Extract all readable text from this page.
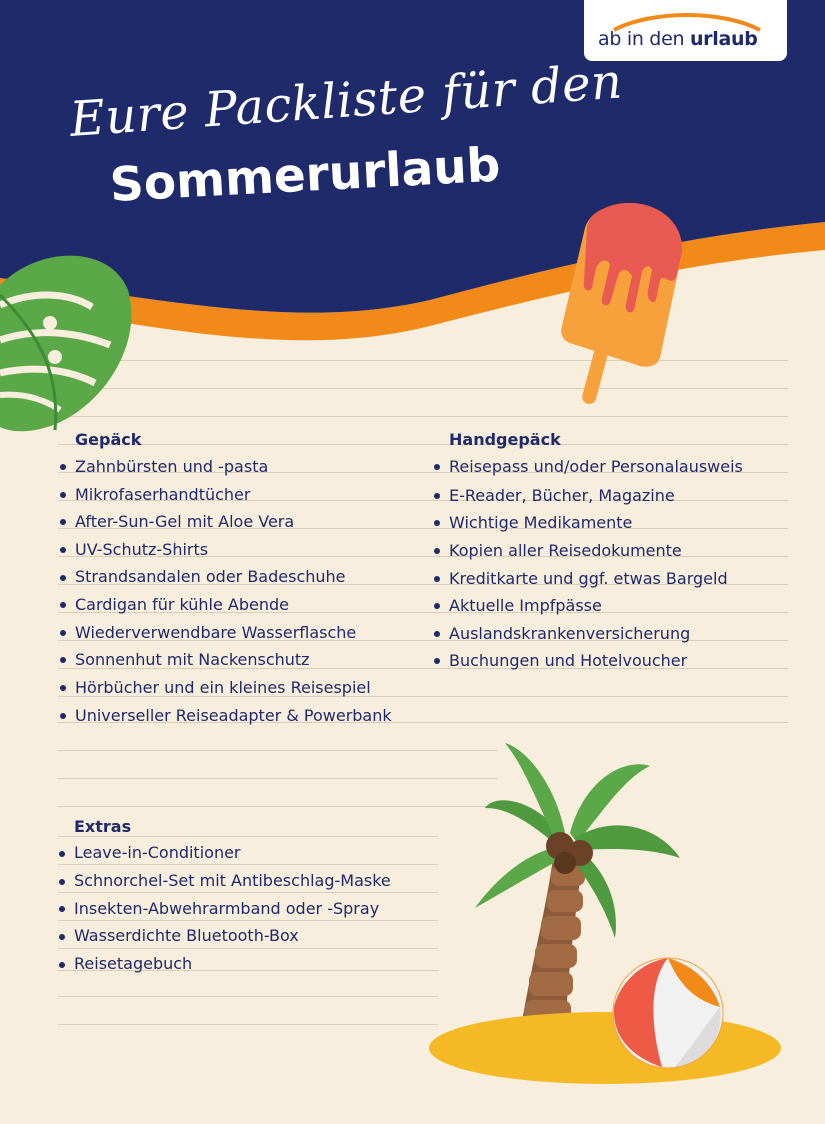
ab in den urlaub
Eure Packliste für den
Sommerurlaub
Gepäck
Zahnbürsten und -pasta
Mikrofaserhandtücher
After-Sun-Gel mit Aloe Vera
UV-Schutz-Shirts
Strandsandalen oder Badeschuhe
Cardigan für kühle Abende
Wiederverwendbare Wasserflasche
Sonnenhut mit Nackenschutz
Hörbücher und ein kleines Reisespiel
Universeller Reiseadapter & Powerbank
Handgepäck
Reisepass und/oder Personalausweis
E-Reader, Bücher, Magazine
Wichtige Medikamente
Kopien aller Reisedokumente
Kreditkarte und ggf. etwas Bargeld
Aktuelle Impfpässe
Auslandskrankenversicherung
Buchungen und Hotelvoucher
Extras
Leave-in-Conditioner
Schnorchel-Set mit Antibeschlag-Maske
Insekten-Abwehrarmband oder -Spray
Wasserdichte Bluetooth-Box
Reisetagebuch
